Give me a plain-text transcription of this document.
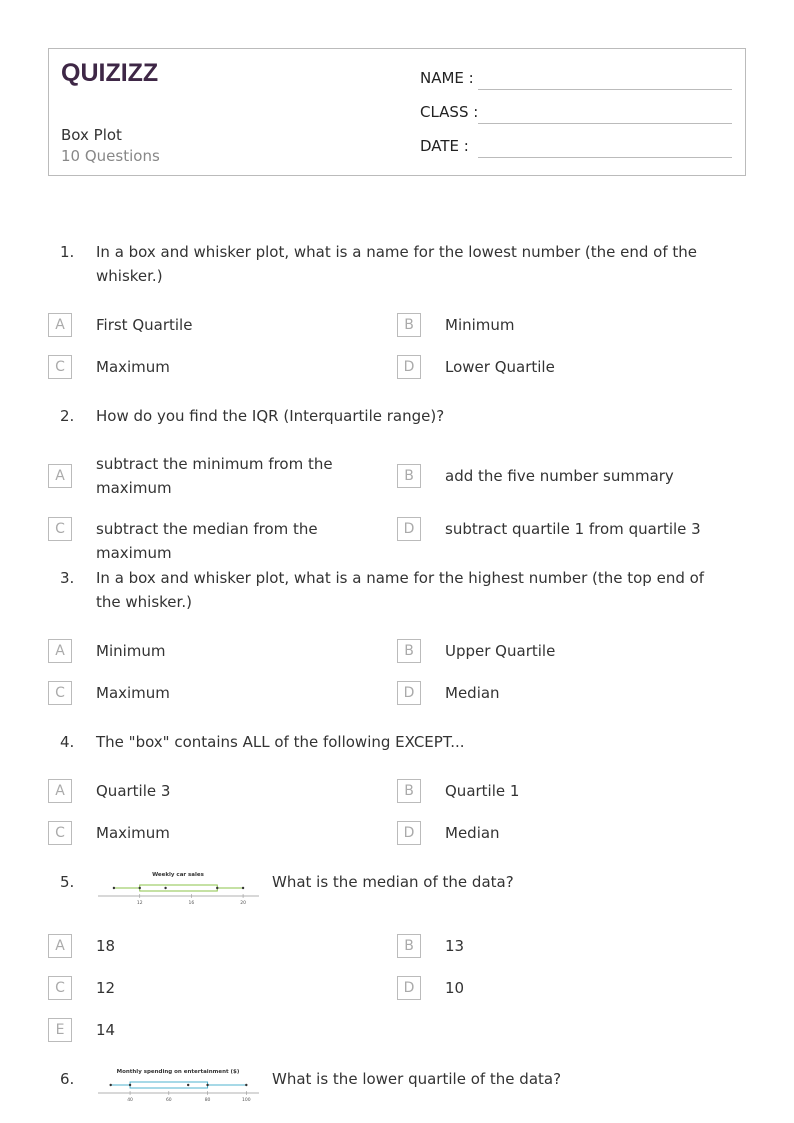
QUIZIZZ
Box Plot
10 Questions
NAME :
CLASS :
DATE :
1. In a box and whisker plot, what is a name for the lowest number (the end of the whisker.)
A	First Quartile	B	Minimum
C	Maximum	D	Lower Quartile
2. How do you find the IQR (Interquartile range)?
A
subtract the minimum from the maximum
B	add the five number summary
C	subtract the median from the maximum
D	subtract quartile 1 from quartile 3
3. In a box and whisker plot, what is a name for the highest number (the top end of the whisker.)
A	Minimum	B	Upper Quartile
C	Maximum	D	Median
4. The "box" contains ALL of the following EXCEPT...
A	Quartile 3	B	Quartile 1
C	Maximum	D	Median
5.	What is the median of the data?
A	18	B	13
C	12	D	10
E	14
Weekly car sales
12	16	20
6.	What is the lower quartile of the data?
Monthly spending on entertainment ($)
40	60	80	100
